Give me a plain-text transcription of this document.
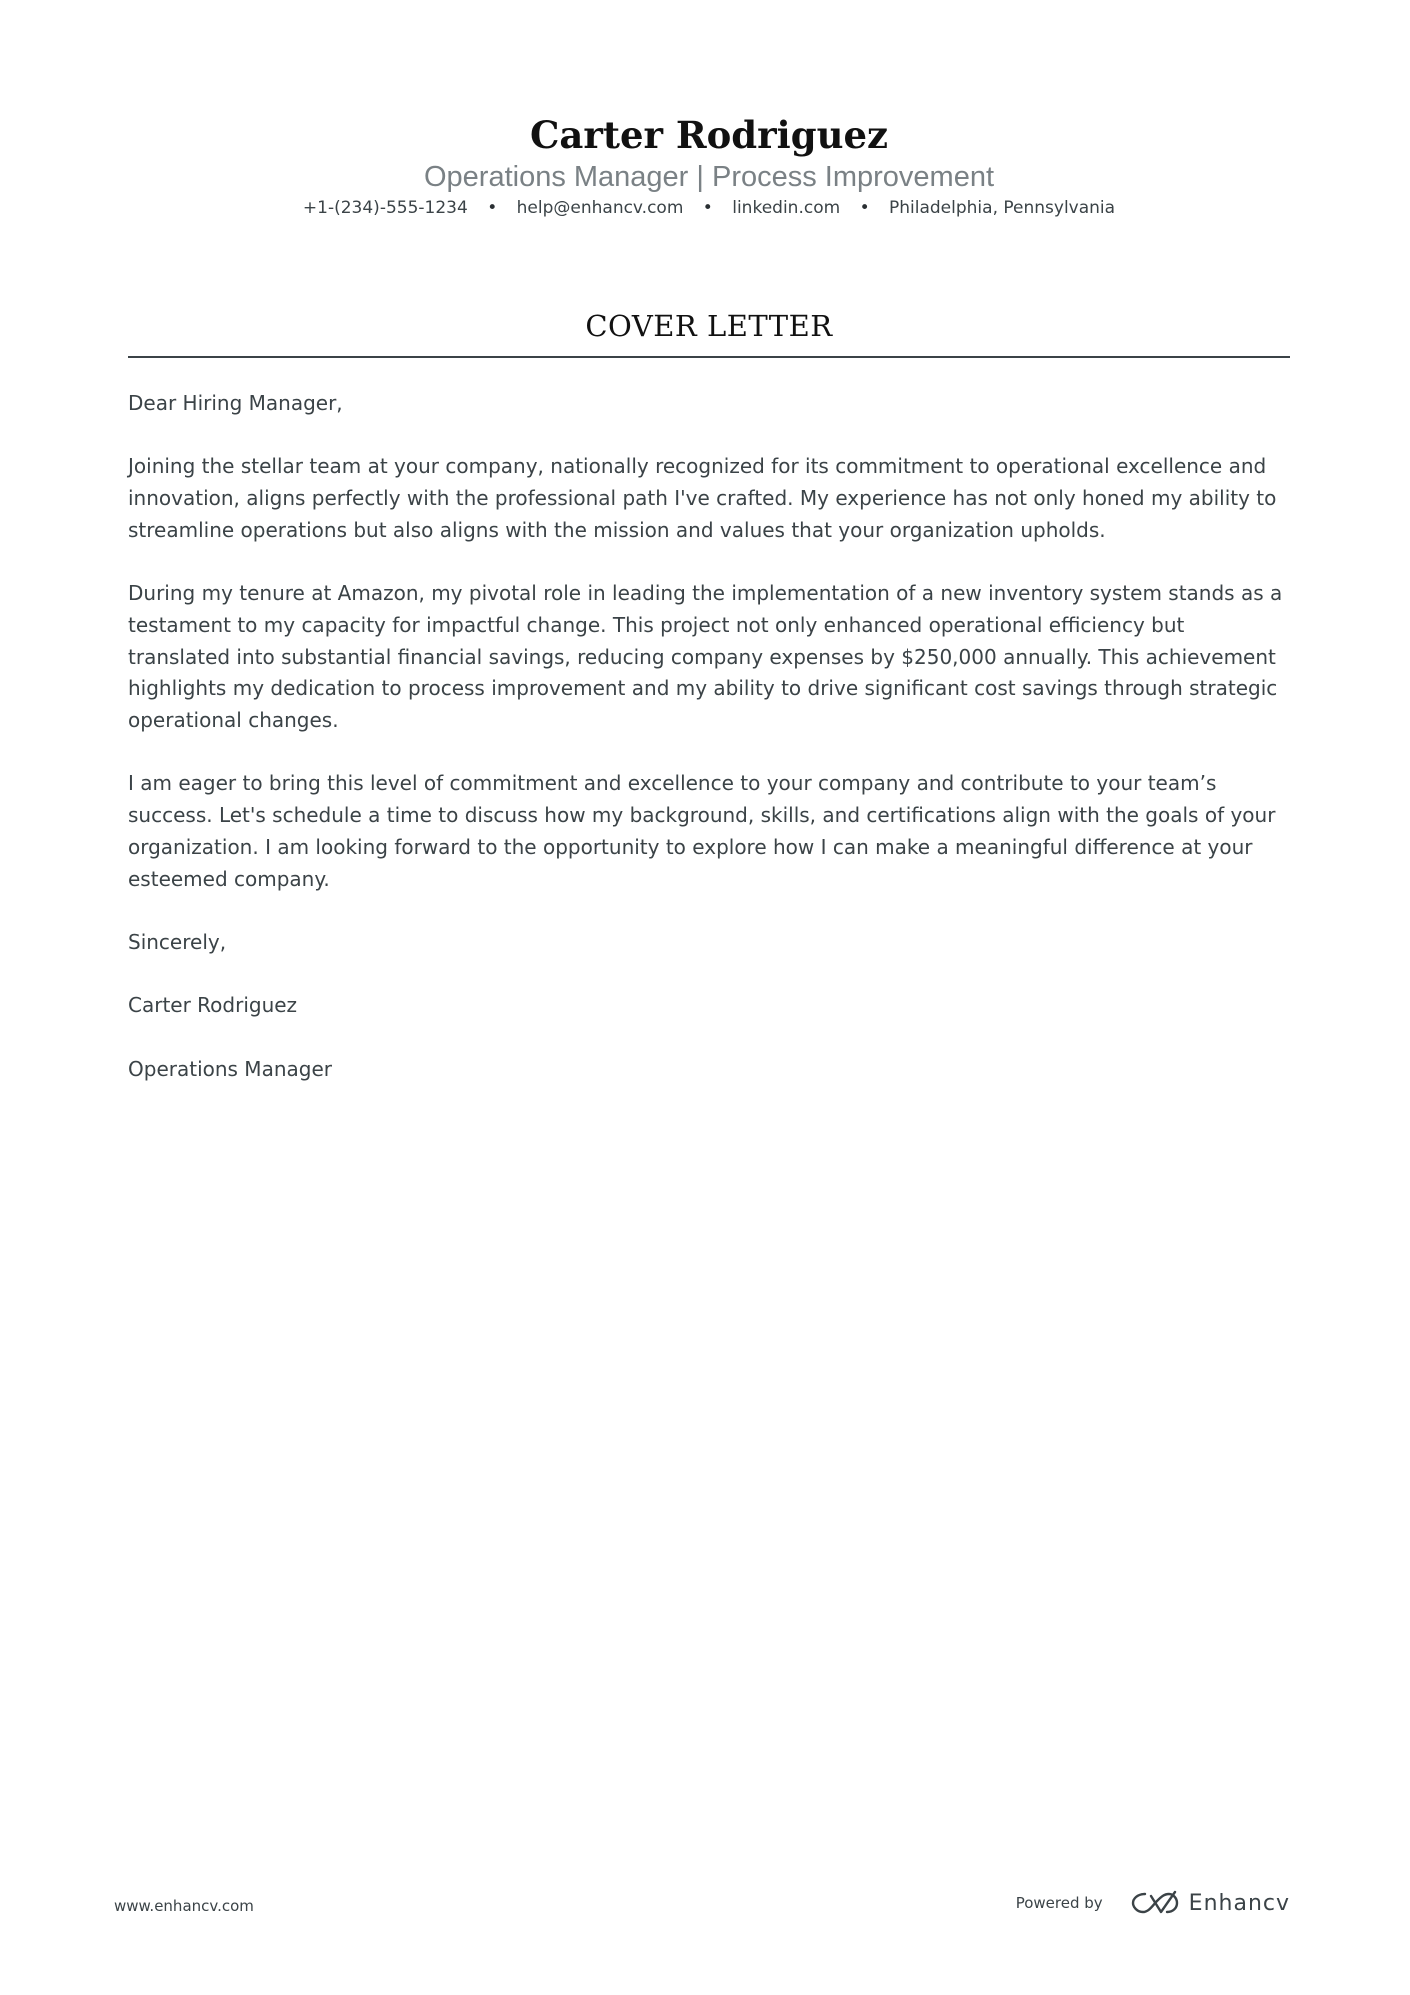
Carter Rodriguez
Operations Manager | Process Improvement
+1-(234)-555-1234 • help@enhancv.com • linkedin.com • Philadelphia, Pennsylvania
COVER LETTER

Dear Hiring Manager,

Joining the stellar team at your company, nationally recognized for its commitment to operational excellence and innovation, aligns perfectly with the professional path I've crafted. My experience has not only honed my ability to streamline operations but also aligns with the mission and values that your organization upholds.

During my tenure at Amazon, my pivotal role in leading the implementation of a new inventory system stands as a testament to my capacity for impactful change. This project not only enhanced operational efficiency but translated into substantial financial savings, reducing company expenses by $250,000 annually. This achievement highlights my dedication to process improvement and my ability to drive significant cost savings through strategic operational changes.

I am eager to bring this level of commitment and excellence to your company and contribute to your team’s success. Let's schedule a time to discuss how my background, skills, and certifications align with the goals of your organization. I am looking forward to the opportunity to explore how I can make a meaningful difference at your esteemed company.

Sincerely,

Carter Rodriguez

Operations Manager

www.enhancv.com	Powered by	Enhancv
